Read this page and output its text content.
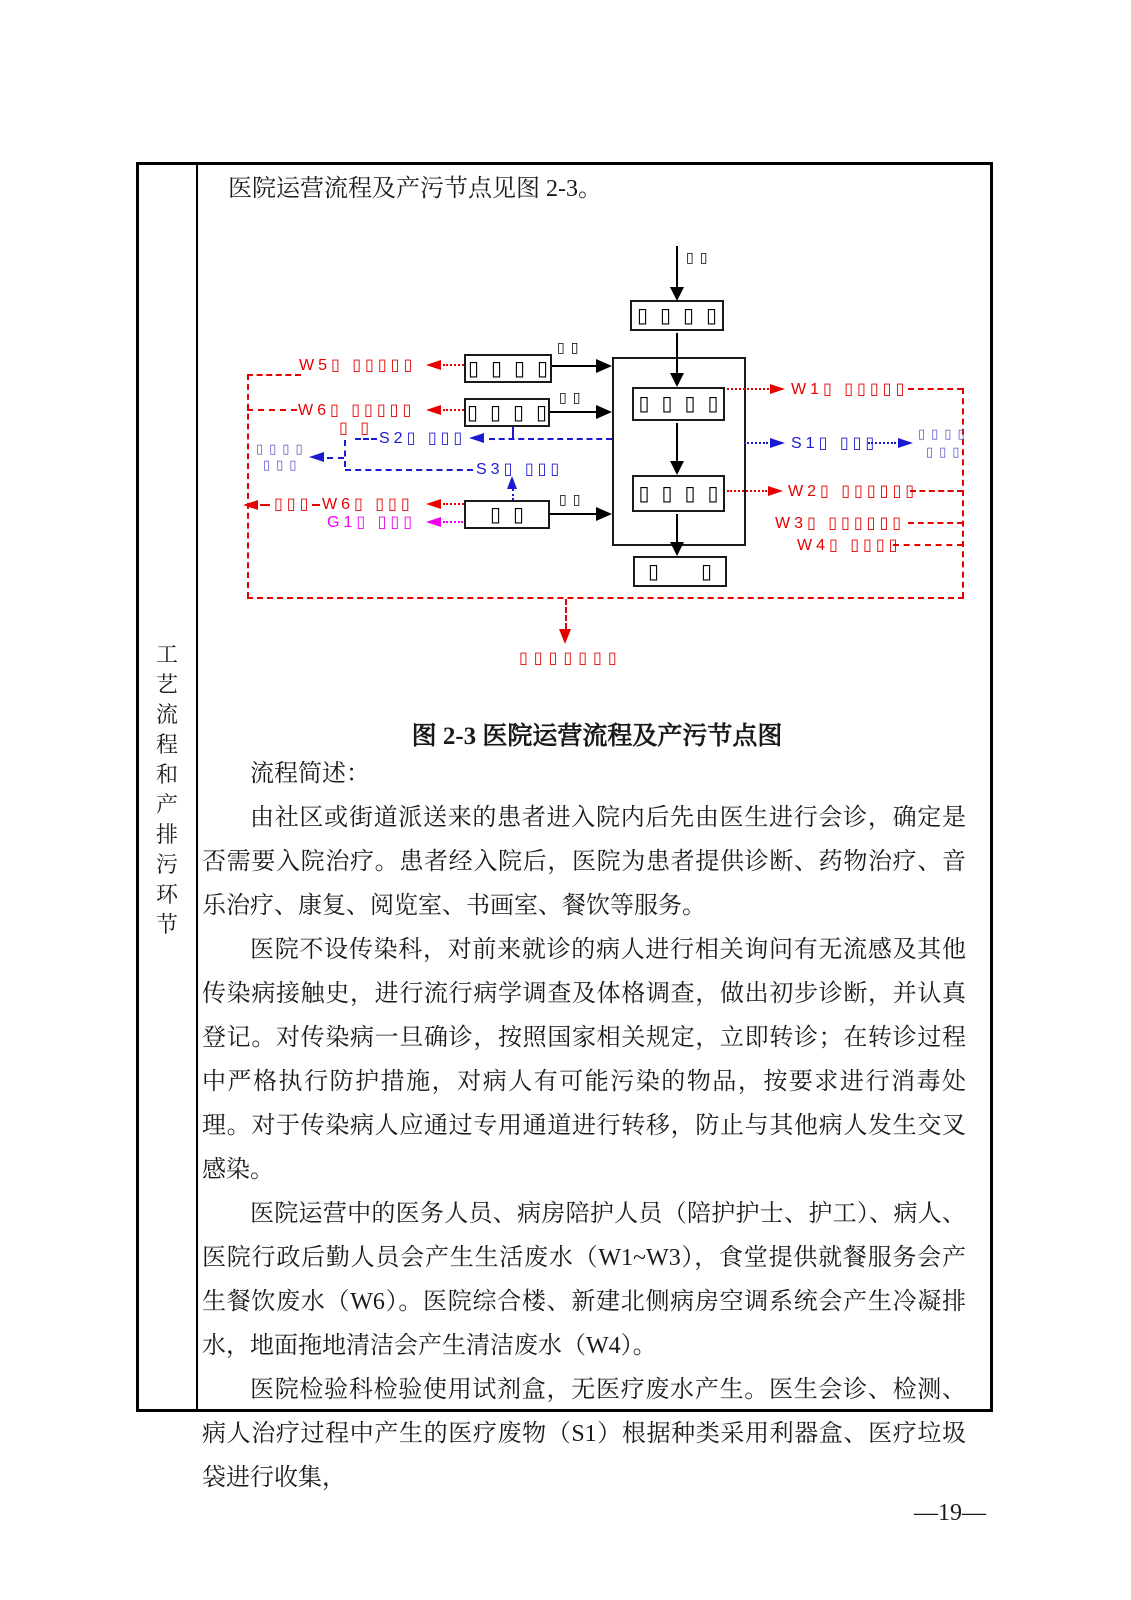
工
艺
流
程
和
产
排
污
环
节
医院运营流程及产污节点见图 2-3。
▯▯
▯▯▯▯
▯▯▯▯
▯▯▯▯
▯▯
▯▯▯▯
▯▯
▯▯▯▯
▯▯
▯▯
▯▯
W5▯ ▯▯▯▯▯
W6▯ ▯▯▯▯▯
▯ ▯
S2▯ ▯▯▯
▯▯▯▯
▯▯▯	S3▯ ▯▯▯
▯▯▯ W6▯ ▯▯▯
G1▯ ▯▯▯
W1▯ ▯▯▯▯▯
S1▯ ▯▯▯
▯▯▯▯
▯▯▯
W2▯ ▯▯▯▯▯▯
W3▯ ▯▯▯▯▯▯
W4▯ ▯▯▯▯
▯▯▯▯▯▯▯
图 2-3 医院运营流程及产污节点图

流程简述：

由社区或街道派送来的患者进入院内后先由医生进行会诊，确定是否需要入院治疗。患者经入院后，医院为患者提供诊断、药物治疗、音乐治疗、康复、阅览室、书画室、餐饮等服务。

医院不设传染科，对前来就诊的病人进行相关询问有无流感及其他传染病接触史，进行流行病学调查及体格调查，做出初步诊断，并认真登记。对传染病一旦确诊，按照国家相关规定，立即转诊；在转诊过程中严格执行防护措施，对病人有可能污染的物品，按要求进行消毒处理。对于传染病人应通过专用通道进行转移，防止与其他病人发生交叉感染。

医院运营中的医务人员、病房陪护人员（陪护护士、护工）、病人、医院行政后勤人员会产生生活废水（W1~W3），食堂提供就餐服务会产生餐饮废水（W6）。医院综合楼、新建北侧病房空调系统会产生冷凝排水，地面拖地清洁会产生清洁废水（W4）。

医院检验科检验使用试剂盒，无医疗废水产生。医生会诊、检测、病人治疗过程中产生的医疗废物（S1）根据种类采用利器盒、医疗垃圾袋进行收集，

—19—
